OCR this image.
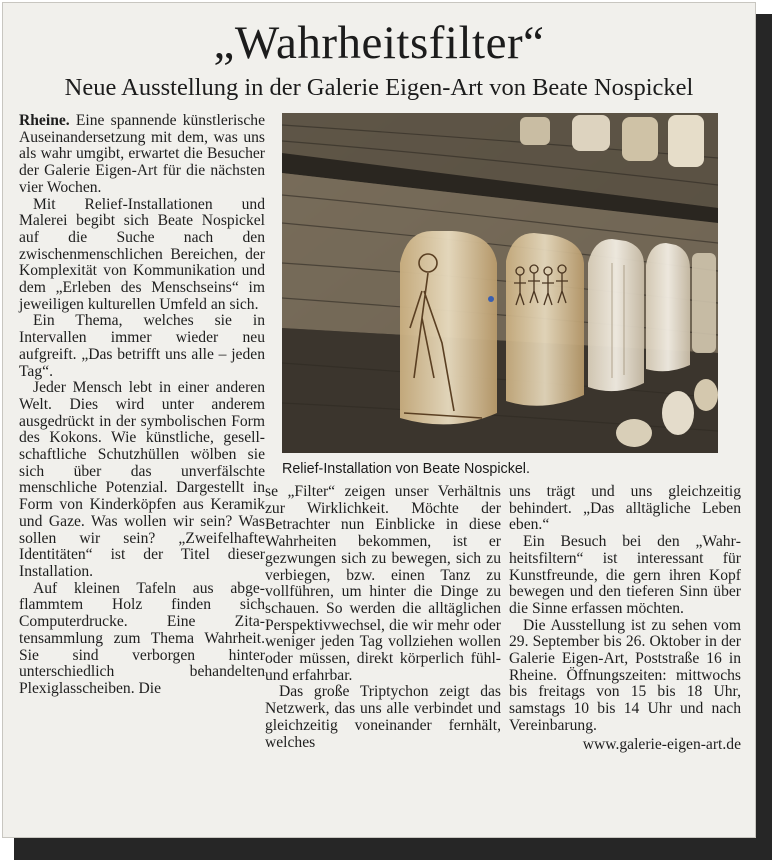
„Wahrheitsfilter“
Neue Ausstellung in der Galerie Eigen-Art von Beate Nospickel

Rheine. Eine spannende künstlerische Auseinandersetzung mit dem, was uns als wahr umgibt, erwartet die Besucher der Galerie Eigen-Art für die nächsten vier Wochen.

Mit Relief-Installationen und Malerei begibt sich Beate Nospickel auf die Suche nach den zwischenmenschlichen Bereichen, der Komplexität von Kommunikation und dem „Erleben des Menschseins“ im jeweiligen kulturellen Umfeld an sich.

Ein Thema, welches sie in Intervallen immer wieder neu aufgreift. „Das betrifft uns alle – jeden Tag“.

Jeder Mensch lebt in einer anderen Welt. Dies wird unter anderem ausgedrückt in der symbolischen Form des Kokons. Wie künstliche, gesellschaftliche Schutzhüllen wölben sie sich über das unverfälschte menschliche Potenzial. Dargestellt in Form von Kinderköpfen aus Keramik und Gaze. Was wollen wir sein? Was sollen wir sein? „Zweifelhafte Identitäten“ ist der Titel dieser Installation.

Auf kleinen Tafeln aus abgeflammtem Holz finden sich Computerdrucke. Eine Zitatensammlung zum Thema Wahrheit. Sie sind verborgen hinter unterschiedlich behandelten Plexiglasscheiben. Die

Relief-Installation von Beate Nospickel.

se „Filter“ zeigen unser Verhältnis zur Wirklichkeit. Möchte der Betrachter nun Einblicke in diese Wahrheiten bekommen, ist er gezwungen sich zu bewegen, sich zu verbiegen, bzw. einen Tanz zu vollführen, um hinter die Dinge zu schauen. So werden die alltäglichen Perspektivwechsel, die wir mehr oder weniger jeden Tag vollziehen wollen oder müssen, direkt körperlich fühl- und erfahrbar.

Das große Triptychon zeigt das Netzwerk, das uns alle verbindet und gleichzeitig voneinander fernhält, welches

uns trägt und uns gleichzeitig behindert. „Das alltägliche Leben eben.“

Ein Besuch bei den „Wahrheitsfiltern“ ist interessant für Kunstfreunde, die gern ihren Kopf bewegen und den tieferen Sinn über die Sinne erfassen möchten.

Die Ausstellung ist zu sehen vom 29. September bis 26. Oktober in der Galerie Eigen-Art, Poststraße 16 in Rheine. Öffnungszeiten: mittwochs bis freitags von 15 bis 18 Uhr, samstags 10 bis 14 Uhr und nach Vereinbarung.

www.galerie-eigen-art.de
